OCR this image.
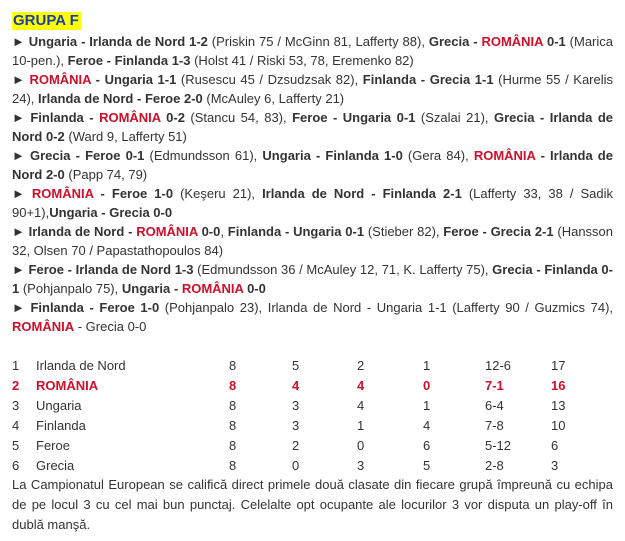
GRUPA F
► Ungaria - Irlanda de Nord 1-2 (Priskin 75 / McGinn 81, Lafferty 88), Grecia - ROMÂNIA 0-1 (Marica 10-pen.), Feroe - Finlanda 1-3 (Holst 41 / Riski 53, 78, Eremenko 82)
► ROMÂNIA - Ungaria 1-1 (Rusescu 45 / Dzsudzsak 82), Finlanda - Grecia 1-1 (Hurme 55 / Karelis 24), Irlanda de Nord - Feroe 2-0 (McAuley 6, Lafferty 21)
► Finlanda - ROMÂNIA 0-2 (Stancu 54, 83), Feroe - Ungaria 0-1 (Szalai 21), Grecia - Irlanda de Nord 0-2 (Ward 9, Lafferty 51)
► Grecia - Feroe 0-1 (Edmundsson 61), Ungaria - Finlanda 1-0 (Gera 84), ROMÂNIA - Irlanda de Nord 2-0 (Papp 74, 79)
► ROMÂNIA - Feroe 1-0 (Keşeru 21), Irlanda de Nord - Finlanda 2-1 (Lafferty 33, 38 / Sadik 90+1),Ungaria - Grecia 0-0
► Irlanda de Nord - ROMÂNIA 0-0, Finlanda - Ungaria 0-1 (Stieber 82), Feroe - Grecia 2-1 (Hansson 32, Olsen 70 / Papastathopoulos 84)
► Feroe - Irlanda de Nord 1-3 (Edmundsson 36 / McAuley 12, 71, K. Lafferty 75), Grecia - Finlanda 0-1 (Pohjanpalo 75), Ungaria - ROMÂNIA 0-0
► Finlanda - Feroe 1-0 (Pohjanpalo 23), Irlanda de Nord - Ungaria 1-1 (Lafferty 90 / Guzmics 74), ROMÂNIA - Grecia 0-0
1	Irlanda de Nord	8	5	2	1	12-6	17
2	ROMÂNIA	8	4	4	0	7-1	16
3	Ungaria	8	3	4	1	6-4	13
4	Finlanda	8	3	1	4	7-8	10
5	Feroe	8	2	0	6	5-12	6
6	Grecia	8	0	3	5	2-8	3
La Campionatul European se califică direct primele două clasate din fiecare grupă împreună cu echipa de pe locul 3 cu cel mai bun punctaj. Celelalte opt ocupante ale locurilor 3 vor disputa un play-off în dublă manşă.
